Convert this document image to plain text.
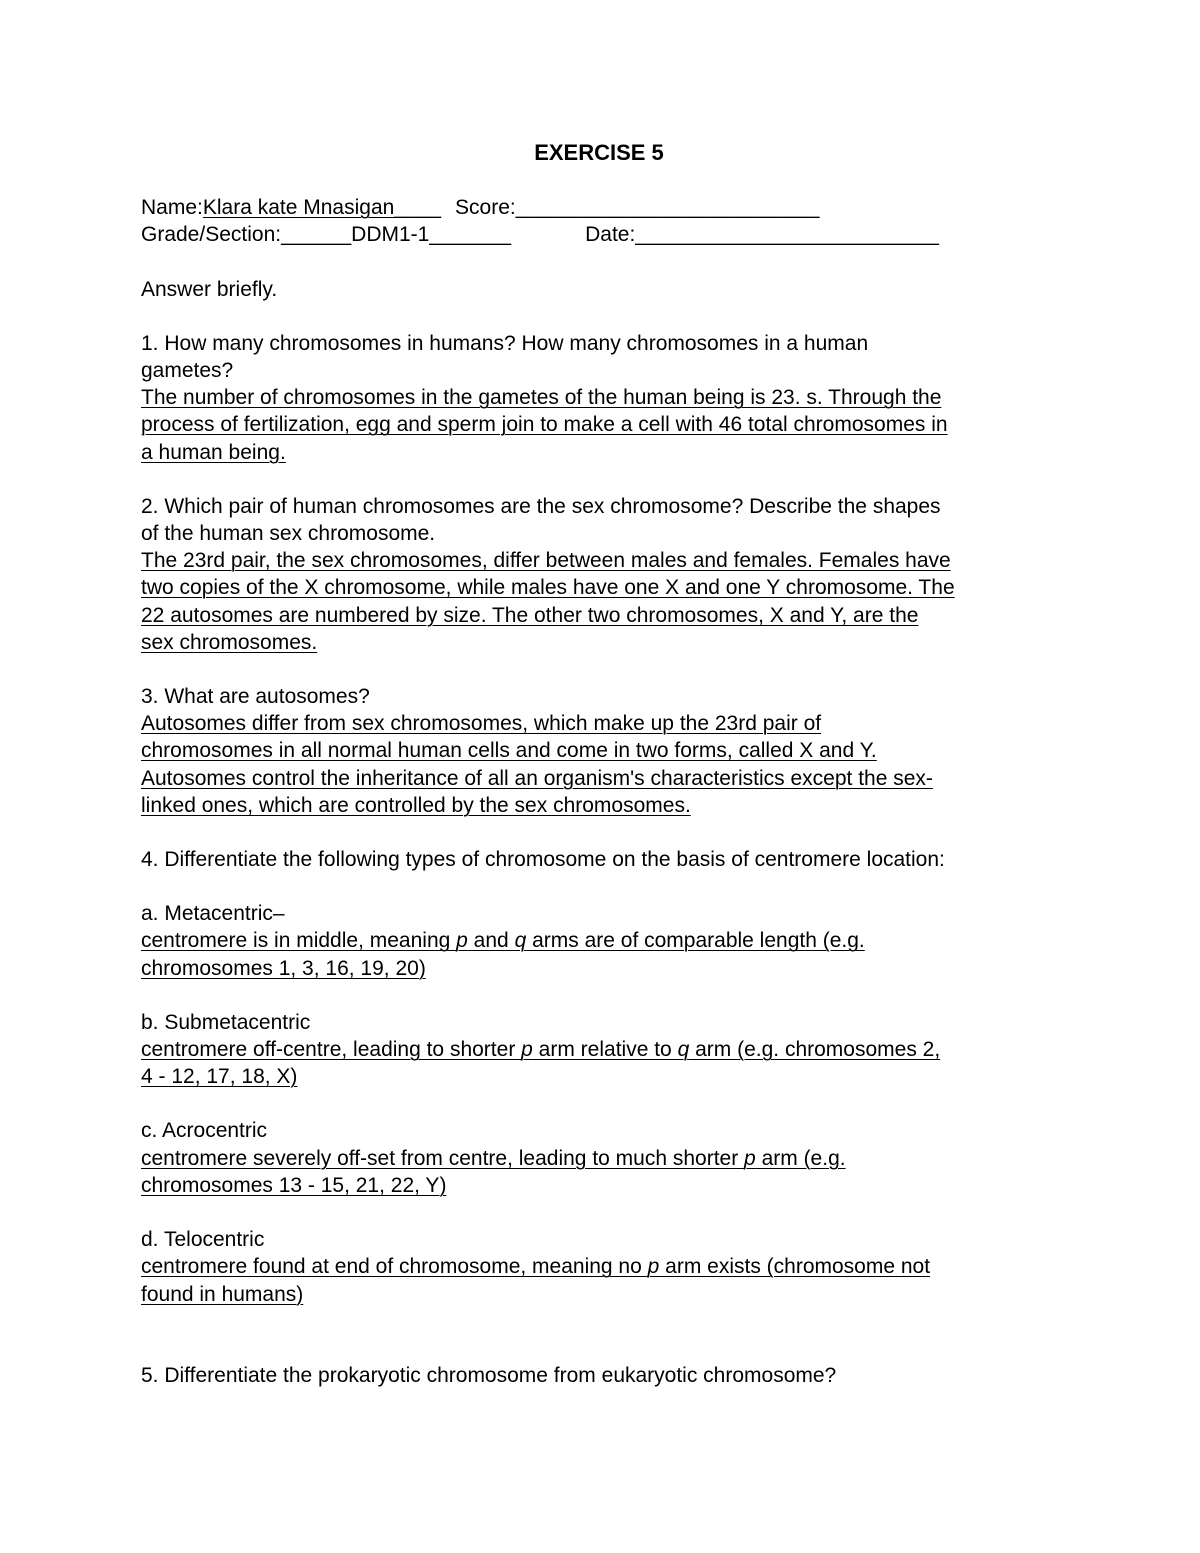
EXERCISE 5
Name:Klara kate Mnasigan____ Score:__________________________
Grade/Section:______DDM1-1_______	Date:__________________________
Answer briefly.
1. How many chromosomes in humans? How many chromosomes in a human
gametes?
The number of chromosomes in the gametes of the human being is 23. s. Through the
process of fertilization, egg and sperm join to make a cell with 46 total chromosomes in
a human being.
2. Which pair of human chromosomes are the sex chromosome? Describe the shapes
of the human sex chromosome.
The 23rd pair, the sex chromosomes, differ between males and females. Females have
two copies of the X chromosome, while males have one X and one Y chromosome. The
22 autosomes are numbered by size. The other two chromosomes, X and Y, are the
sex chromosomes.
3. What are autosomes?
Autosomes differ from sex chromosomes, which make up the 23rd pair of
chromosomes in all normal human cells and come in two forms, called X and Y.
Autosomes control the inheritance of all an organism's characteristics except the sex-
linked ones, which are controlled by the sex chromosomes.
4. Differentiate the following types of chromosome on the basis of centromere location:
a. Metacentric–
centromere is in middle, meaning p and q arms are of comparable length (e.g.
chromosomes 1, 3, 16, 19, 20)
b. Submetacentric
centromere off-centre, leading to shorter p arm relative to q arm (e.g. chromosomes 2,
4 - 12, 17, 18, X)
c. Acrocentric
centromere severely off-set from centre, leading to much shorter p arm (e.g.
chromosomes 13 - 15, 21, 22, Y)
d. Telocentric
centromere found at end of chromosome, meaning no p arm exists (chromosome not
found in humans)
5. Differentiate the prokaryotic chromosome from eukaryotic chromosome?
